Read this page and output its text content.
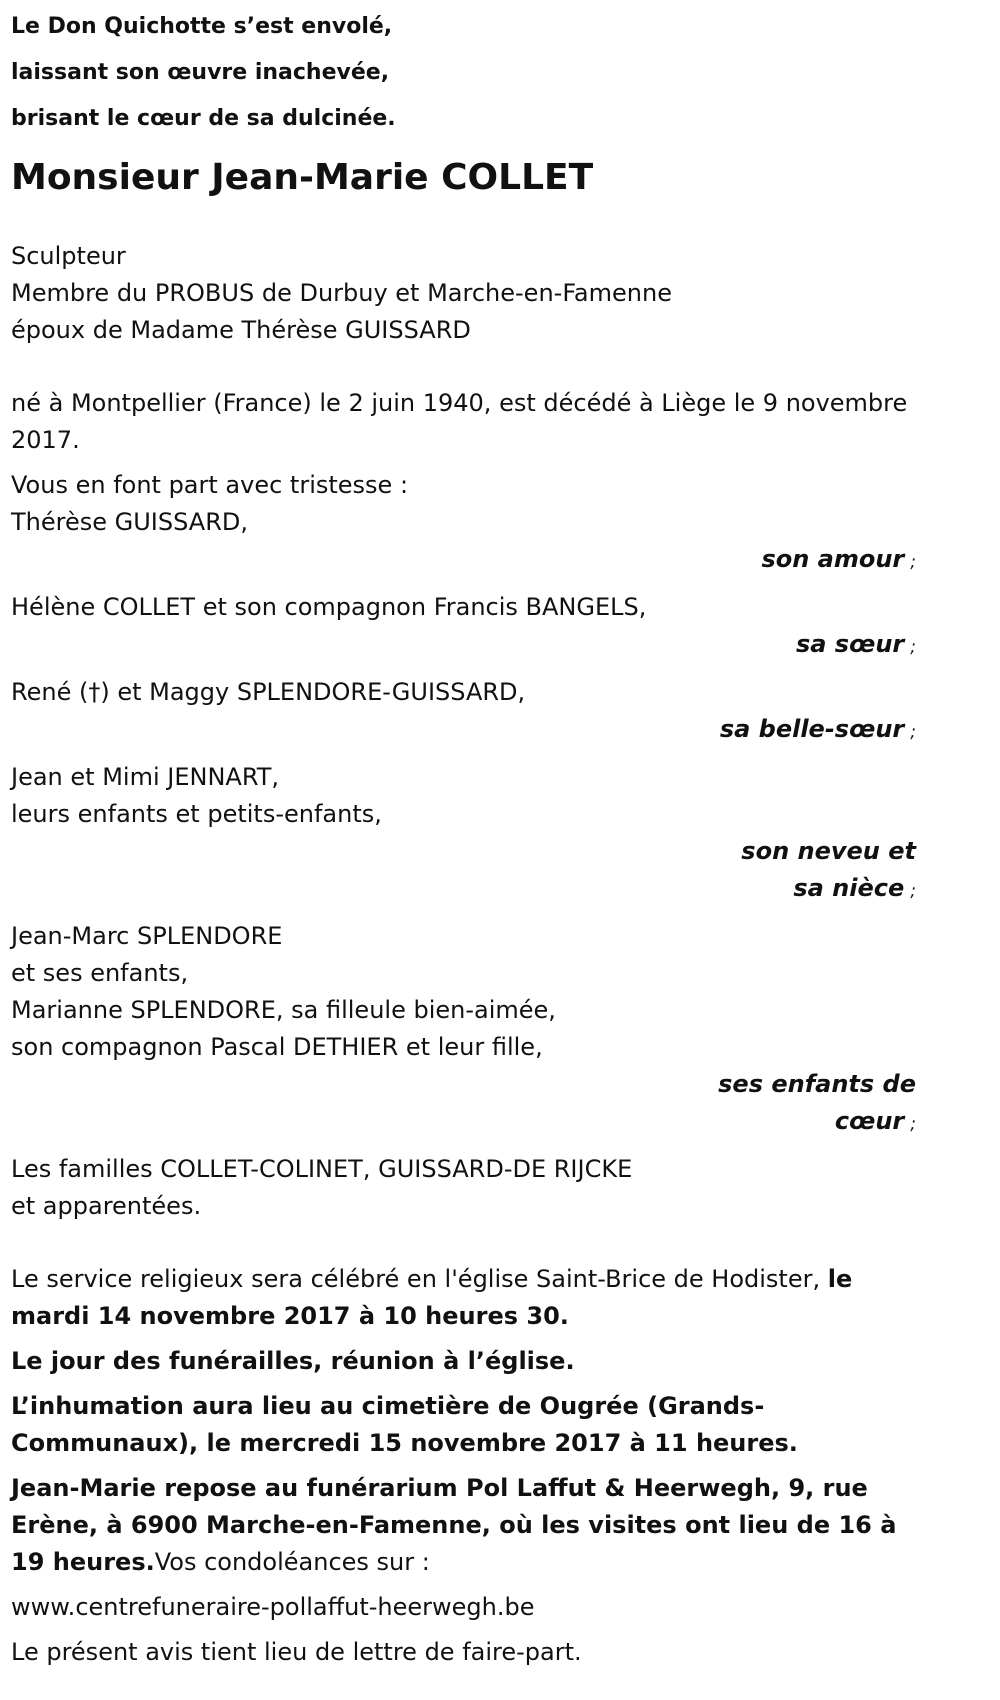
Le Don Quichotte s’est envolé,

laissant son œuvre inachevée,

brisant le cœur de sa dulcinée.

Monsieur Jean-Marie COLLET

Sculpteur

Membre du PROBUS de Durbuy et Marche-en-Famenne

époux de Madame Thérèse GUISSARD

né à Montpellier (France) le 2 juin 1940, est décédé à Liège le 9 novembre 2017.

Vous en font part avec tristesse :

Thérèse GUISSARD,

son amour ;

Hélène COLLET et son compagnon Francis BANGELS,

sa sœur ;

René (†) et Maggy SPLENDORE-GUISSARD,

sa belle-sœur ;

Jean et Mimi JENNART,

leurs enfants et petits-enfants,

son neveu et sa nièce ;

Jean-Marc SPLENDORE

et ses enfants,

Marianne SPLENDORE, sa filleule bien-aimée,

son compagnon Pascal DETHIER et leur fille,

ses enfants de cœur ;

Les familles COLLET-COLINET, GUISSARD-DE RIJCKE

et apparentées.

Le service religieux sera célébré en l'église Saint-Brice de Hodister, le mardi 14 novembre 2017 à 10 heures 30.

Le jour des funérailles, réunion à l’église.

L’inhumation aura lieu au cimetière de Ougrée (Grands-Communaux), le mercredi 15 novembre 2017 à 11 heures.

Jean-Marie repose au funérarium Pol Laffut & Heerwegh, 9, rue Erène, à 6900 Marche-en-Famenne, où les visites ont lieu de 16 à 19 heures.Vos condoléances sur :

www.centrefuneraire-pollaffut-heerwegh.be

Le présent avis tient lieu de lettre de faire-part.
